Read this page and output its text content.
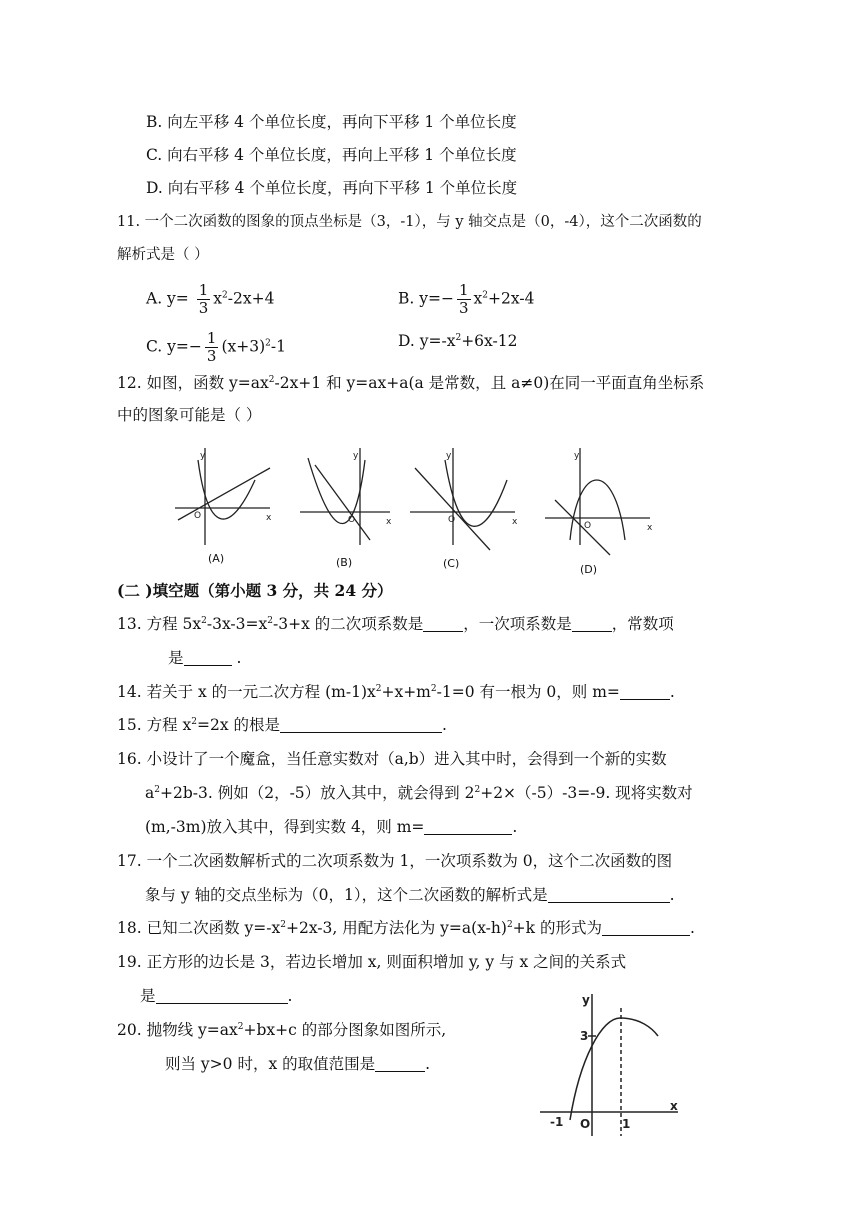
B. 向左平移 4 个单位长度，再向下平移 1 个单位长度
C. 向右平移 4 个单位长度，再向上平移 1 个单位长度
D. 向右平移 4 个单位长度，再向下平移 1 个单位长度
11. 一个二次函数的图象的顶点坐标是（3，-1），与 y 轴交点是（0，-4），这个二次函数的
解析式是（ ）
A. $y= \frac{1}{3} x^2-2x+4$	B. $y=- \frac{1}{3} x^2+2x-4$
C. $y=- \frac{1}{3} (x+3)^2-1$	D. $y=-x^2+6x-12$
12. 如图，函数 $y=ax^2-2x+1$ 和 y=ax+a(a 是常数，且 a≠0)在同一平面直角坐标系
中的图象可能是（ ）
y
x
O
y
x
O
y
x
O
y
x
O
(A)	(B)	(C)	(D)
(二 )填空题（第小题 3 分，共 24 分）
13. 方程 $5x^2-3x-3=x^2-3+x$ 的二次项系数是	，一次项系数是	，常数项
是	.
14. 若关于 x 的一元二次方程 $(m-1)x^2+x+m^2-1=0$ 有一根为 0，则 m=	.
15. 方程 $x^2=2x$ 的根是	.
16. 小设计了一个魔盒，当任意实数对（a,b）进入其中时，会得到一个新的实数
$a^2+2b-3$. 例如（2，-5）放入其中，就会得到 $2^2+2\times(-5)-3=-9$. 现将实数对
(m,-3m)放入其中，得到实数 4，则 m=	.
17. 一个二次函数解析式的二次项系数为 1，一次项系数为 0，这个二次函数的图
象与 y 轴的交点坐标为（0，1），这个二次函数的解析式是	.
18. 已知二次函数 $y=-x^2+2x-3$, 用配方法化为 $y=a(x-h)^2+k$ 的形式为	.
19. 正方形的边长是 3，若边长增加 x, 则面积增加 y, y 与 x 之间的关系式
是	.
20. 抛物线 $y=ax^2+bx+c$ 的部分图象如图所示,
则当 y>0 时，x 的取值范围是	.
y
x
3
-1 O	1
